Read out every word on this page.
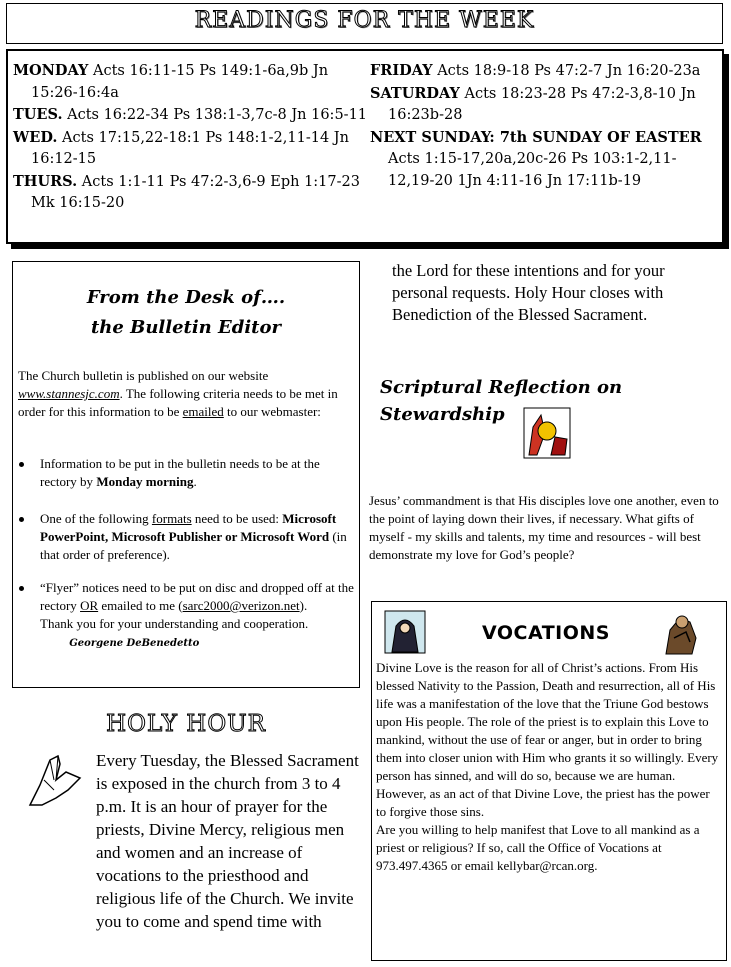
READINGS FOR THE WEEK

MONDAY Acts 16:11-15 Ps 149:1-6a,9b Jn 15:26-16:4a

TUES. Acts 16:22-34 Ps 138:1-3,7c-8 Jn 16:5-11

WED. Acts 17:15,22-18:1 Ps 148:1-2,11-14 Jn 16:12-15

THURS. Acts 1:1-11 Ps 47:2-3,6-9 Eph 1:17-23 Mk 16:15-20

FRIDAY Acts 18:9-18 Ps 47:2-7 Jn 16:20-23a

SATURDAY Acts 18:23-28 Ps 47:2-3,8-10 Jn 16:23b-28

NEXT SUNDAY: 7th SUNDAY OF EASTER Acts 1:15-17,20a,20c-26 Ps 103:1-2,11-12,19-20 1Jn 4:11-16 Jn 17:11b-19

From the Desk of….
the Bulletin Editor
The Church bulletin is published on our website www.stannesjc.com. The following criteria needs to be met in order for this information to be emailed to our webmaster:
Information to be put in the bulletin needs to be at the rectory by Monday morning.
One of the following formats need to be used: Microsoft PowerPoint, Microsoft Publisher or Microsoft Word (in that order of preference).
“Flyer” notices need to be put on disc and dropped off at the rectory OR emailed to me (sarc2000@verizon.net).
Thank you for your understanding and cooperation.          Georgene DeBenedetto
HOLY HOUR
Every Tuesday, the Blessed Sacrament is exposed in the church from 3 to 4 p.m. It is an hour of prayer for the priests, Divine Mercy, religious men and women and an increase of vocations to the priesthood and religious life of the Church. We invite you to come and spend time with
the Lord for these intentions and for your personal requests. Holy Hour closes with Benediction of the Blessed Sacrament.
Scriptural Reflection on Stewardship
Jesus’ commandment is that His disciples love one another, even to the point of laying down their lives, if necessary. What gifts of myself - my skills and talents, my time and resources - will best demonstrate my love for God’s people?
VOCATIONS
Divine Love is the reason for all of Christ’s actions. From His blessed Nativity to the Passion, Death and resurrection, all of His life was a manifestation of the love that the Triune God bestows upon His people. The role of the priest is to explain this Love to mankind, without the use of fear or anger, but in order to bring them into closer union with Him who grants it so willingly. Every person has sinned, and will do so, because we are human. However, as an act of that Divine Love, the priest has the power to forgive those sins.
Are you willing to help manifest that Love to all mankind as a priest or religious? If so, call the Office of Vocations at 973.497.4365 or email kellybar@rcan.org.
